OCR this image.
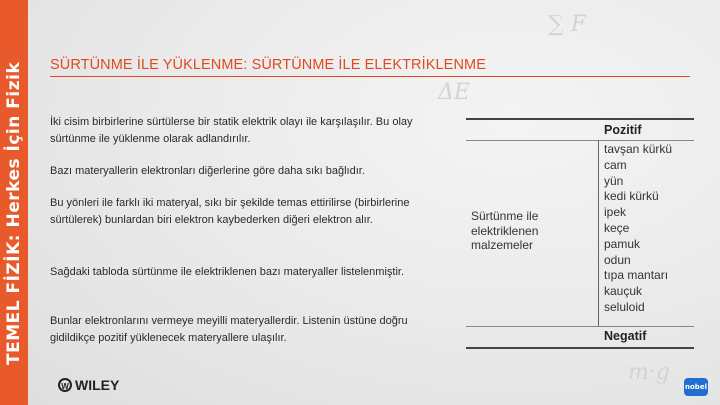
∑ F
ΔE
m·g
TEMEL FİZİK: Herkes İçin Fizik SÜRTÜNME İLE YÜKLENME: SÜRTÜNME İLE ELEKTRİKLENME
İki cisim birbirlerine sürtülerse bir statik elektrik olayı ile karşılaşılır. Bu olay sürtünme ile yüklenme olarak adlandırılır.
Bazı materyallerin elektronları diğerlerine göre daha sıkı bağlıdır.
Bu yönleri ile farklı iki materyal, sıkı bir şekilde temas ettirilirse (birbirlerine sürtülerek) bunlardan biri elektron kaybederken diğeri elektron alır.
Sağdaki tabloda sürtünme ile elektriklenen bazı materyaller listelenmiştir.
Bunlar elektronlarını vermeye meyilli materyallerdir. Listenin üstüne doğru gidildikçe pozitif yüklenecek materyallere ulaşılır.
Pozitif
Sürtünme ile elektriklenen malzemeler
tavşan kürkü
cam
yün
kedi kürkü
ipek
keçe
pamuk
odun
tıpa mantarı
kauçuk
seluloid
Negatif
W WILEY	nobel
